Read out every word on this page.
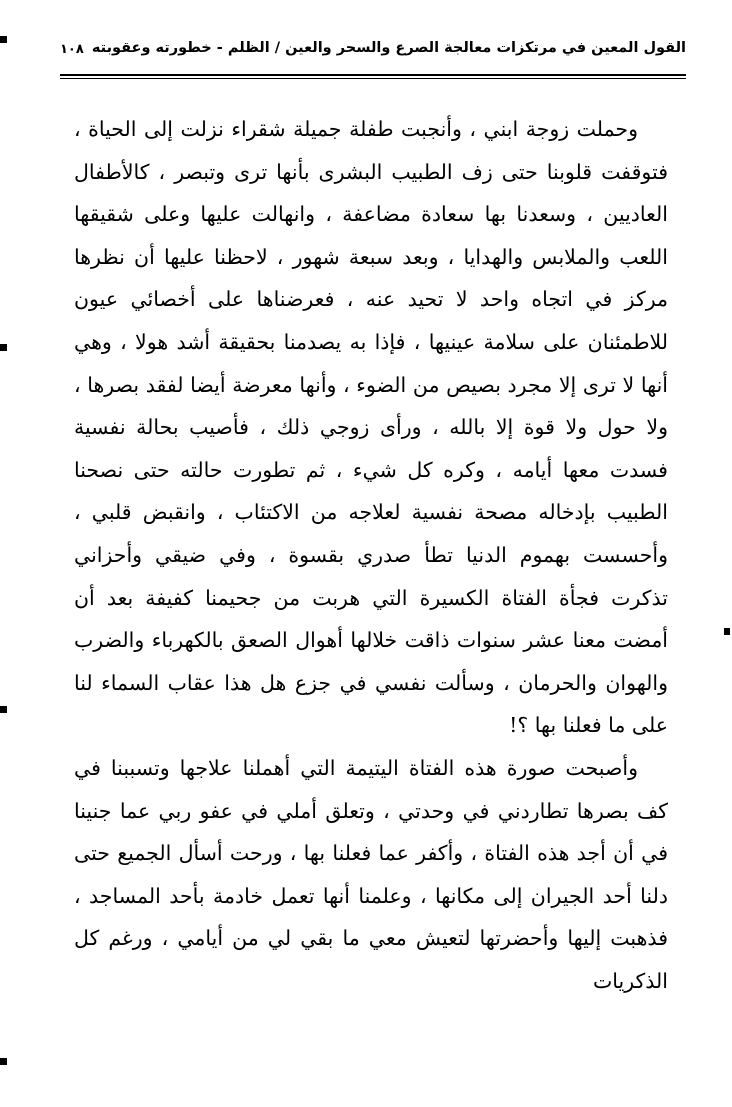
القول المعين في مرتكزات معالجة الصرع والسحر والعين / الظلم - خطورته وعقوبته
١٠٨

وحملت زوجة ابني ، وأنجبت طفلة جميلة شقراء نزلت إلى الحياة ، فتوقفت قلوبنا حتى زف الطبيب البشرى بأنها ترى وتبصر ، كالأطفال العاديين ، وسعدنا بها سعادة مضاعفة ، وانهالت عليها وعلى شقيقها اللعب والملابس والهدايا ، وبعد سبعة شهور ، لاحظنا عليها أن نظرها مركز في اتجاه واحد لا تحيد عنه ، فعرضناها على أخصائي عيون للاطمئنان على سلامة عينيها ، فإذا به يصدمنا بحقيقة أشد هولا ، وهي أنها لا ترى إلا مجرد بصيص من الضوء ، وأنها معرضة أيضا لفقد بصرها ، ولا حول ولا قوة إلا بالله ، ورأى زوجي ذلك ، فأصيب بحالة نفسية فسدت معها أيامه ، وكره كل شيء ، ثم تطورت حالته حتى نصحنا الطبيب بإدخاله مصحة نفسية لعلاجه من الاكتئاب ، وانقبض قلبي ، وأحسست بهموم الدنيا تطأ صدري بقسوة ، وفي ضيقي وأحزاني تذكرت فجأة الفتاة الكسيرة التي هربت من جحيمنا كفيفة بعد أن أمضت معنا عشر سنوات ذاقت خلالها أهوال الصعق بالكهرباء والضرب والهوان والحرمان ، وسألت نفسي في جزع هل هذا عقاب السماء لنا على ما فعلنا بها ؟!

وأصبحت صورة هذه الفتاة اليتيمة التي أهملنا علاجها وتسببنا في كف بصرها تطاردني في وحدتي ، وتعلق أملي في عفو ربي عما جنينا في أن أجد هذه الفتاة ، وأكفر عما فعلنا بها ، ورحت أسأل الجميع حتى دلنا أحد الجيران إلى مكانها ، وعلمنا أنها تعمل خادمة بأحد المساجد ، فذهبت إليها وأحضرتها لتعيش معي ما بقي لي من أيامي ، ورغم كل الذكريات
